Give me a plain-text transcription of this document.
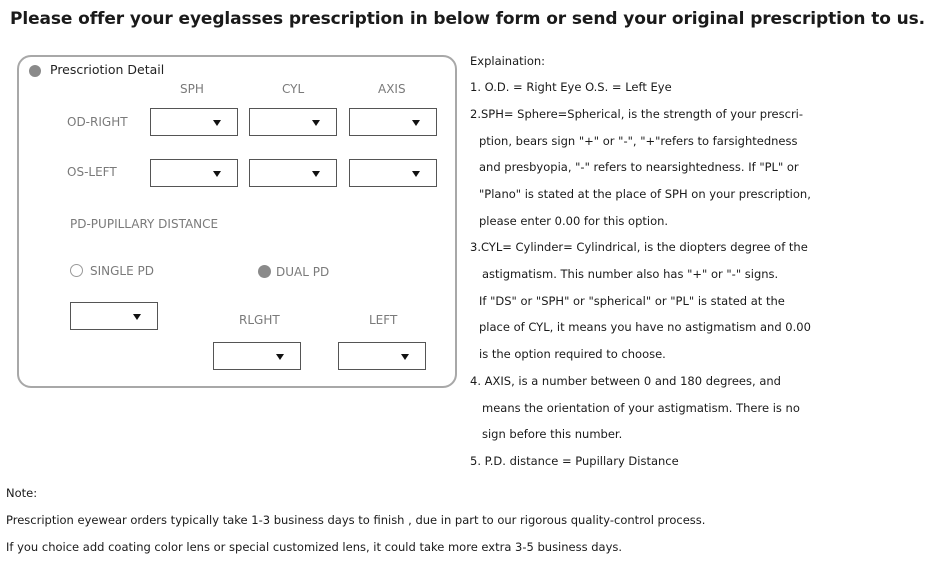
Please offer your eyeglasses prescription in below form or send your original prescription to us.
Prescriotion Detail
SPH	CYL	AXIS
OD-RIGHT
OS-LEFT
PD-PUPILLARY DISTANCE
SINGLE PD	DUAL PD
RLGHT	LEFT
Explaination:
1. O.D. = Right Eye O.S. = Left Eye
2.SPH= Sphere=Spherical, is the strength of your prescri-
ption, bears sign "+" or "-", "+"refers to farsightedness
and presbyopia, "-" refers to nearsightedness. If "PL" or
"Plano" is stated at the place of SPH on your prescription,
please enter 0.00 for this option.
3.CYL= Cylinder= Cylindrical, is the diopters degree of the
astigmatism. This number also has "+" or "-" signs.
If "DS" or "SPH" or "spherical" or "PL" is stated at the
place of CYL, it means you have no astigmatism and 0.00
is the option required to choose.
4. AXIS, is a number between 0 and 180 degrees, and
means the orientation of your astigmatism. There is no
sign before this number.
5. P.D. distance = Pupillary Distance
Note:
Prescription eyewear orders typically take 1-3 business days to finish , due in part to our rigorous quality-control process.
If you choice add coating color lens or special customized lens, it could take more extra 3-5 business days.
